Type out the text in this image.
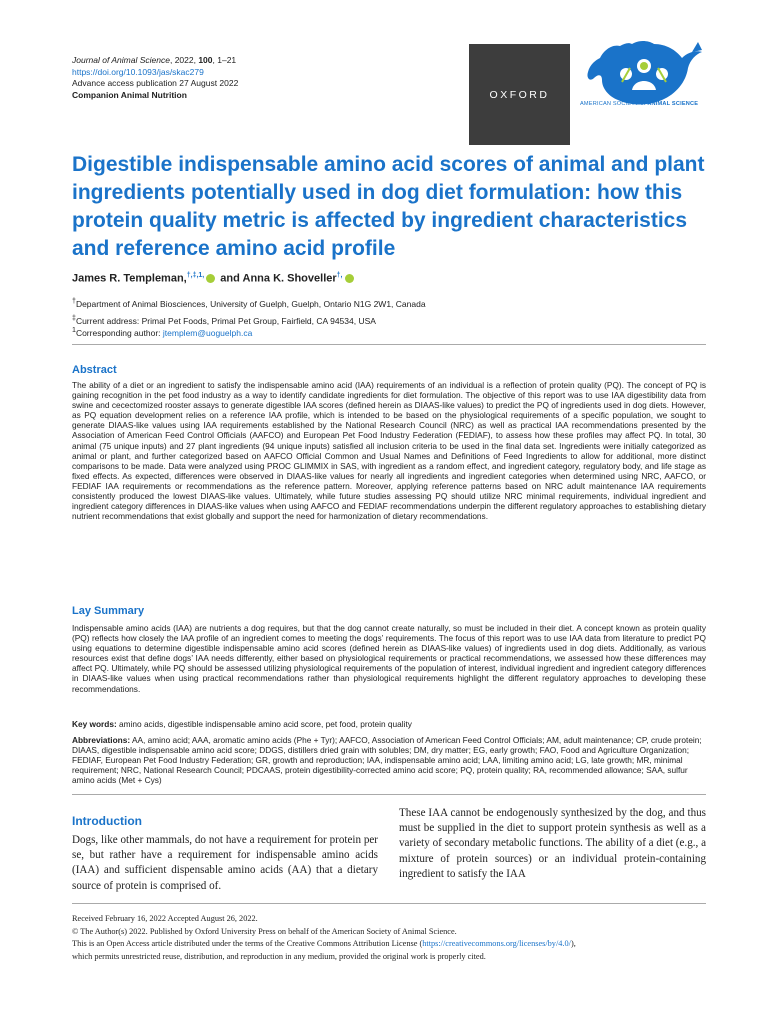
Journal of Animal Science, 2022, 100, 1–21
https://doi.org/10.1093/jas/skac279
Advance access publication 27 August 2022
Companion Animal Nutrition	OXFORD
AMERICAN SOCIETY of ANIMAL SCIENCE
Digestible indispensable amino acid scores of animal and plant ingredients potentially used in dog diet formulation: how this protein quality metric is affected by ingredient characteristics and reference amino acid profile
James R. Templeman,$^{\dagger,\ddagger,1,}$ and Anna K. Shoveller†,
†Department of Animal Biosciences, University of Guelph, Guelph, Ontario N1G 2W1, Canada
‡Current address: Primal Pet Foods, Primal Pet Group, Fairfield, CA 94534, USA
$^1$Corresponding author: jtemplem@uoguelph.ca
Abstract

The ability of a diet or an ingredient to satisfy the indispensable amino acid (IAA) requirements of an individual is a reflection of protein quality (PQ). The concept of PQ is gaining recognition in the pet food industry as a way to identify candidate ingredients for diet formulation. The objective of this report was to use IAA digestibility data from swine and cecectomized rooster assays to generate digestible IAA scores (defined herein as DIAAS-like values) to predict the PQ of ingredients used in dog diets. However, as PQ equation development relies on a reference IAA profile, which is intended to be based on the physiological requirements of a specific population, we sought to generate DIAAS-like values using IAA requirements established by the National Research Council (NRC) as well as practical IAA recommendations presented by the Association of American Feed Control Officials (AAFCO) and European Pet Food Industry Federation (FEDIAF), to assess how these profiles may affect PQ. In total, 30 animal (75 unique inputs) and 27 plant ingredients (94 unique inputs) satisfied all inclusion criteria to be used in the final data set. Ingredients were initially categorized as animal or plant, and further categorized based on AAFCO Official Common and Usual Names and Definitions of Feed Ingredients to allow for additional, more distinct comparisons to be made. Data were analyzed using PROC GLIMMIX in SAS, with ingredient as a random effect, and ingredient category, regulatory body, and life stage as fixed effects. As expected, differences were observed in DIAAS-like values for nearly all ingredients and ingredient categories when determined using NRC, AAFCO, or FEDIAF IAA requirements or recommendations as the reference pattern. Moreover, applying reference patterns based on NRC adult maintenance IAA requirements consistently produced the lowest DIAAS-like values. Ultimately, while future studies assessing PQ should utilize NRC minimal requirements, individual ingredient and ingredient category differences in DIAAS-like values when using AAFCO and FEDIAF recommendations underpin the different regulatory approaches to establishing dietary nutrient recommendations that exist globally and support the need for harmonization of dietary recommendations.

Lay Summary

Indispensable amino acids (IAA) are nutrients a dog requires, but that the dog cannot create naturally, so must be included in their diet. A concept known as protein quality (PQ) reflects how closely the IAA profile of an ingredient comes to meeting the dogs’ requirements. The focus of this report was to use IAA data from literature to predict PQ using equations to determine digestible indispensable amino acid scores (defined herein as DIAAS-like values) of ingredients used in dog diets. Additionally, as various resources exist that define dogs’ IAA needs differently, either based on physiological requirements or practical recommendations, we assessed how these differences may affect PQ. Ultimately, while PQ should be assessed utilizing physiological requirements of the population of interest, individual ingredient and ingredient category differences in DIAAS-like values when using practical recommendations rather than physiological requirements highlight the different regulatory approaches to developing these recommendations.

Key words: amino acids, digestible indispensable amino acid score, pet food, protein quality

Abbreviations: AA, amino acid; AAA, aromatic amino acids (Phe + Tyr); AAFCO, Association of American Feed Control Officials; AM, adult maintenance; CP, crude protein; DIAAS, digestible indispensable amino acid score; DDGS, distillers dried grain with solubles; DM, dry matter; EG, early growth; FAO, Food and Agriculture Organization; FEDIAF, European Pet Food Industry Federation; GR, growth and reproduction; IAA, indispensable amino acid; LAA, limiting amino acid; LG, late growth; MR, minimal requirement; NRC, National Research Council; PDCAAS, protein digestibility-corrected amino acid score; PQ, protein quality; RA, recommended allowance; SAA, sulfur amino acids (Met + Cys)

Introduction

Dogs, like other mammals, do not have a requirement for protein per se, but rather have a requirement for indispensable amino acids (IAA) and sufficient dispensable amino acids (AA) that a dietary source of protein is comprised of.

These IAA cannot be endogenously synthesized by the dog, and thus must be supplied in the diet to support protein synthesis as well as a variety of secondary metabolic functions. The ability of a diet (e.g., a mixture of protein sources) or an individual protein-containing ingredient to satisfy the IAA

Received February 16, 2022 Accepted August 26, 2022.
© The Author(s) 2022. Published by Oxford University Press on behalf of the American Society of Animal Science.
This is an Open Access article distributed under the terms of the Creative Commons Attribution License (https://creativecommons.org/licenses/by/4.0/),
which permits unrestricted reuse, distribution, and reproduction in any medium, provided the original work is properly cited.
